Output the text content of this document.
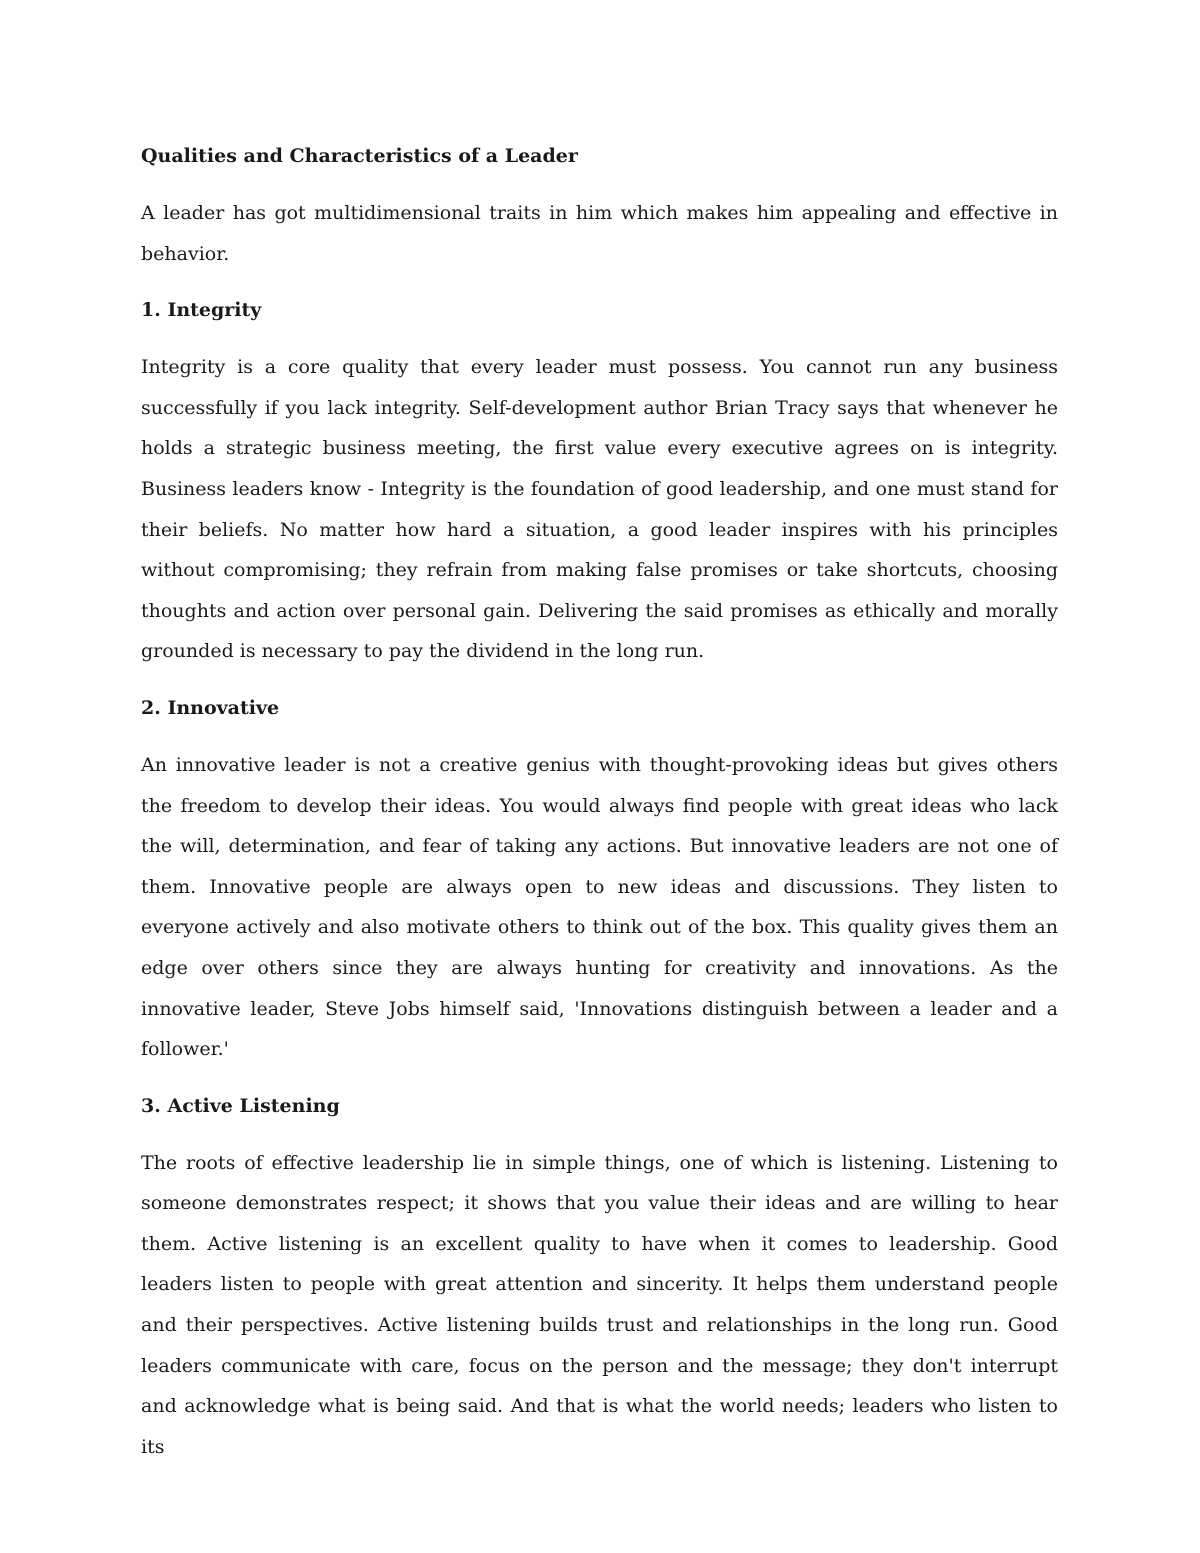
Qualities and Characteristics of a Leader

A leader has got multidimensional traits in him which makes him appealing and effective in behavior.

1. Integrity

Integrity is a core quality that every leader must possess. You cannot run any business successfully if you lack integrity. Self-development author Brian Tracy says that whenever he holds a strategic business meeting, the first value every executive agrees on is integrity. Business leaders know - Integrity is the foundation of good leadership, and one must stand for their beliefs. No matter how hard a situation, a good leader inspires with his principles without compromising; they refrain from making false promises or take shortcuts, choosing thoughts and action over personal gain. Delivering the said promises as ethically and morally grounded is necessary to pay the dividend in the long run.

2. Innovative

An innovative leader is not a creative genius with thought-provoking ideas but gives others the freedom to develop their ideas. You would always find people with great ideas who lack the will, determination, and fear of taking any actions. But innovative leaders are not one of them. Innovative people are always open to new ideas and discussions. They listen to everyone actively and also motivate others to think out of the box. This quality gives them an edge over others since they are always hunting for creativity and innovations. As the innovative leader, Steve Jobs himself said, 'Innovations distinguish between a leader and a follower.'

3. Active Listening

The roots of effective leadership lie in simple things, one of which is listening. Listening to someone demonstrates respect; it shows that you value their ideas and are willing to hear them. Active listening is an excellent quality to have when it comes to leadership. Good leaders listen to people with great attention and sincerity. It helps them understand people and their perspectives. Active listening builds trust and relationships in the long run. Good leaders communicate with care, focus on the person and the message; they don't interrupt and acknowledge what is being said. And that is what the world needs; leaders who listen to its
